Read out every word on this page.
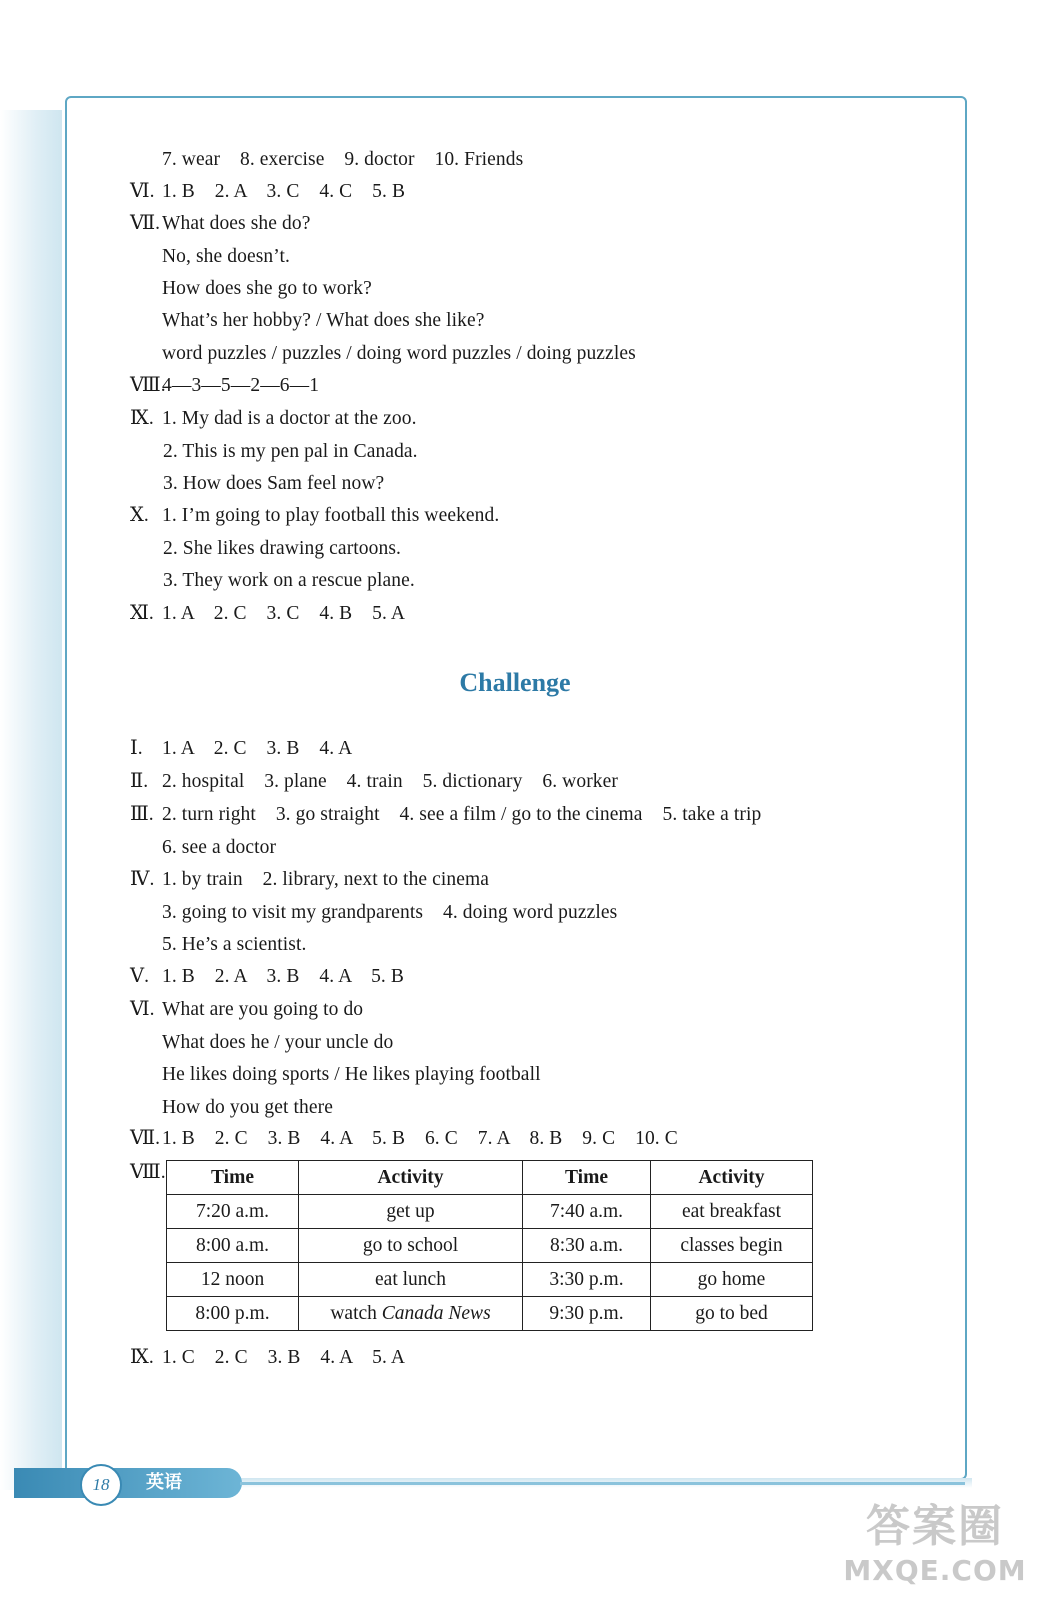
7. wear    8. exercise    9. doctor    10. Friends
Ⅵ. 1. B    2. A    3. C    4. C    5. B
Ⅶ. What does she do?
No, she doesn’t.
How does she go to work?
What’s her hobby? / What does she like?
word puzzles / puzzles / doing word puzzles / doing puzzles
Ⅷ.
4—3—5—2—6—1
Ⅸ. 1. My dad is a doctor at the zoo.
2. This is my pen pal in Canada.
3. How does Sam feel now?
Ⅹ. 1. I’m going to play football this weekend.
2. She likes drawing cartoons.
3. They work on a rescue plane.
Ⅺ. 1. A    2. C    3. C    4. B    5. A
Challenge
Ⅰ. 1. A    2. C    3. B    4. A
Ⅱ. 2. hospital    3. plane    4. train    5. dictionary    6. worker
Ⅲ. 2. turn right    3. go straight    4. see a film / go to the cinema    5. take a trip
6. see a doctor
Ⅳ. 1. by train    2. library, next to the cinema
3. going to visit my grandparents    4. doing word puzzles
5. He’s a scientist.
Ⅴ. 1. B    2. A    3. B    4. A    5. B
Ⅵ. What are you going to do
What does he / your uncle do
He likes doing sports / He likes playing football
How do you get there
Ⅶ. 1. B    2. C    3. B    4. A    5. B    6. C    7. A    8. B    9. C    10. C
Ⅷ. Time	Activity	Time	Activity
7:20 a.m.	get up	7:40 a.m.	eat breakfast
8:00 a.m.	go to school	8:30 a.m.	classes begin
12 noon	eat lunch	3:30 p.m.	go home
8:00 p.m.	watch Canada News	9:30 p.m.	go to bed
Ⅸ. 1. C    2. C    3. B    4. A    5. A
18	英语
答案圈
MXQE.COM
